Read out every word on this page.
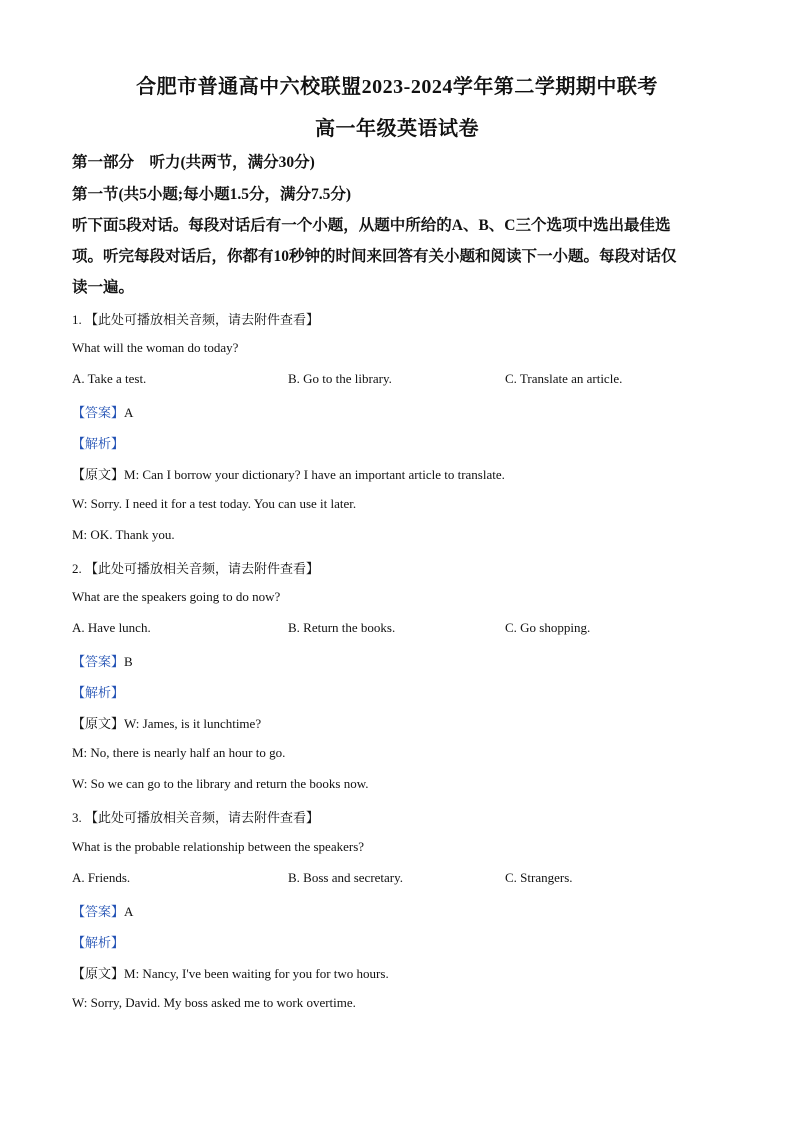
合肥市普通高中六校联盟2023-2024学年第二学期期中联考
高一年级英语试卷
第一部分　听力(共两节，满分30分)
第一节(共5小题;每小题1.5分，满分7.5分)
听下面5段对话。每段对话后有一个小题，从题中所给的A、B、C三个选项中选出最佳选
项。听完每段对话后，你都有10秒钟的时间来回答有关小题和阅读下一小题。每段对话仅
读一遍。
1. 【此处可播放相关音频，请去附件查看】
What will the woman do today?
A. Take a test.	B. Go to the library.	C. Translate an article.
【答案】A
【解析】
【原文】M: Can I borrow your dictionary? I have an important article to translate.
W: Sorry. I need it for a test today. You can use it later.
M: OK. Thank you.
2. 【此处可播放相关音频，请去附件查看】
What are the speakers going to do now?
A. Have lunch.	B. Return the books.	C. Go shopping.
【答案】B
【解析】
【原文】W: James, is it lunchtime?
M: No, there is nearly half an hour to go.
W: So we can go to the library and return the books now.
3. 【此处可播放相关音频，请去附件查看】
What is the probable relationship between the speakers?
A. Friends.	B. Boss and secretary.	C. Strangers.
【答案】A
【解析】
【原文】M: Nancy, I've been waiting for you for two hours.
W: Sorry, David. My boss asked me to work overtime.
